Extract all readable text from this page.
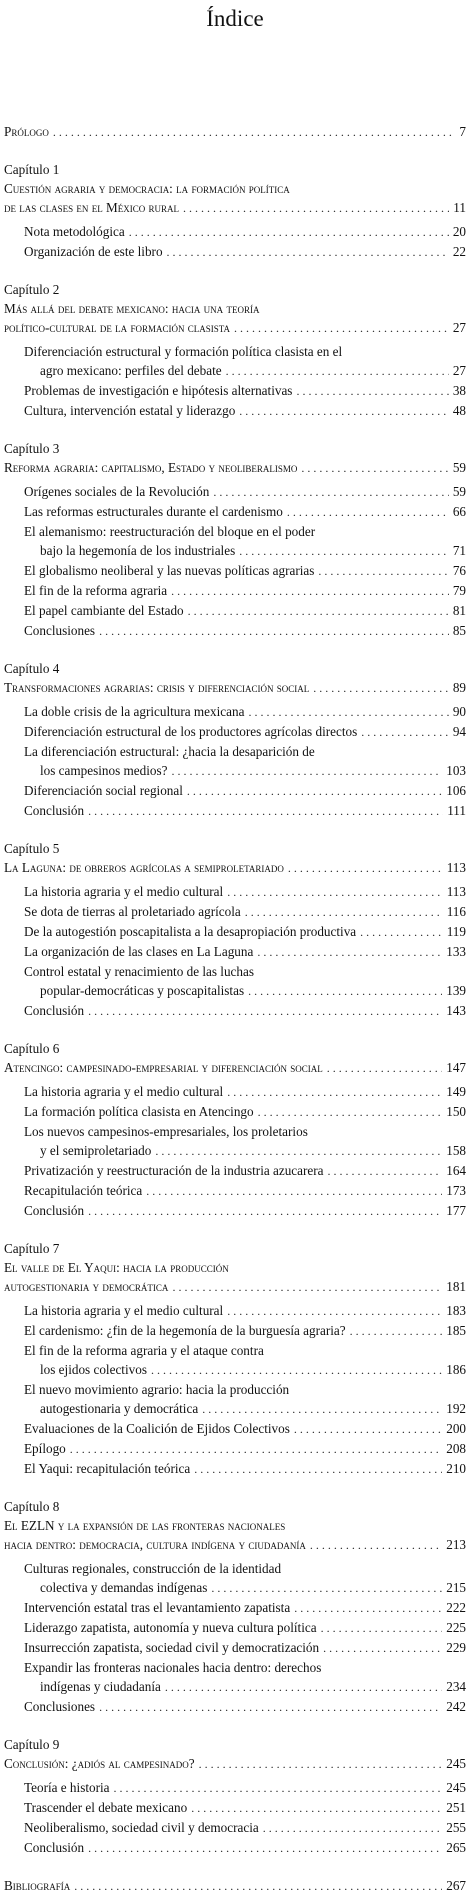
Índice
Prólogo . . .	7
Capítulo 1
Cuestión agraria y democracia: la formación política
de las clases en el México rural . . .	11
Nota metodológica . . .	20
Organización de este libro . . .	22
Capítulo 2
Más allá del debate mexicano: hacia una teoría
político-cultural de la formación clasista . . .	27
Diferenciación estructural y formación política clasista en el
agro mexicano: perfiles del debate . . .	27
Problemas de investigación e hipótesis alternativas . . .	38
Cultura, intervención estatal y liderazgo . . .	48
Capítulo 3
Reforma agraria: capitalismo, Estado y neoliberalismo . . .	59
Orígenes sociales de la Revolución . . .	59
Las reformas estructurales durante el cardenismo . . .	66
El alemanismo: reestructuración del bloque en el poder
bajo la hegemonía de los industriales . . .	71
El globalismo neoliberal y las nuevas políticas agrarias . . .	76
El fin de la reforma agraria . . .	79
El papel cambiante del Estado . . .	81
Conclusiones . . .	85
Capítulo 4
Transformaciones agrarias: crisis y diferenciación social . . .	89
La doble crisis de la agricultura mexicana . . .	90
Diferenciación estructural de los productores agrícolas directos . . .	94
La diferenciación estructural: ¿hacia la desaparición de
los campesinos medios? . . .	103
Diferenciación social regional . . .	106
Conclusión . . .	111
Capítulo 5
La Laguna: de obreros agrícolas a semiproletariado . . .	113
La historia agraria y el medio cultural . . .	113
Se dota de tierras al proletariado agrícola . . .	116
De la autogestión poscapitalista a la desapropiación productiva . . .	119
La organización de las clases en La Laguna . . .	133
Control estatal y renacimiento de las luchas
popular-democráticas y poscapitalistas . . .	139
Conclusión . . .	143
Capítulo 6
Atencingo: campesinado-empresarial y diferenciación social . . .	147
La historia agraria y el medio cultural . . .	149
La formación política clasista en Atencingo . . .	150
Los nuevos campesinos-empresariales, los proletarios
y el semiproletariado . . .	158
Privatización y reestructuración de la industria azucarera . . .	164
Recapitulación teórica . . .	173
Conclusión . . .	177
Capítulo 7
El valle de El Yaqui: hacia la producción
autogestionaria y democrática . . .	181
La historia agraria y el medio cultural . . .	183
El cardenismo: ¿fin de la hegemonía de la burguesía agraria? . . .	185
El fin de la reforma agraria y el ataque contra
los ejidos colectivos . . .	186
El nuevo movimiento agrario: hacia la producción
autogestionaria y democrática . . .	192
Evaluaciones de la Coalición de Ejidos Colectivos . . .	200
Epílogo . . .	208
El Yaqui: recapitulación teórica . . .	210
Capítulo 8
El EZLN y la expansión de las fronteras nacionales
hacia dentro: democracia, cultura indígena y ciudadanía . . .	213
Culturas regionales, construcción de la identidad
colectiva y demandas indígenas . . .	215
Intervención estatal tras el levantamiento zapatista . . .	222
Liderazgo zapatista, autonomía y nueva cultura política . . .	225
Insurrección zapatista, sociedad civil y democratización . . .	229
Expandir las fronteras nacionales hacia dentro: derechos
indígenas y ciudadanía . . .	234
Conclusiones . . .	242
Capítulo 9
Conclusión: ¿adiós al campesinado? . . .	245
Teoría e historia . . .	245
Trascender el debate mexicano . . .	251
Neoliberalismo, sociedad civil y democracia . . .	255
Conclusión . . .	265
Bibliografía . . .	267
